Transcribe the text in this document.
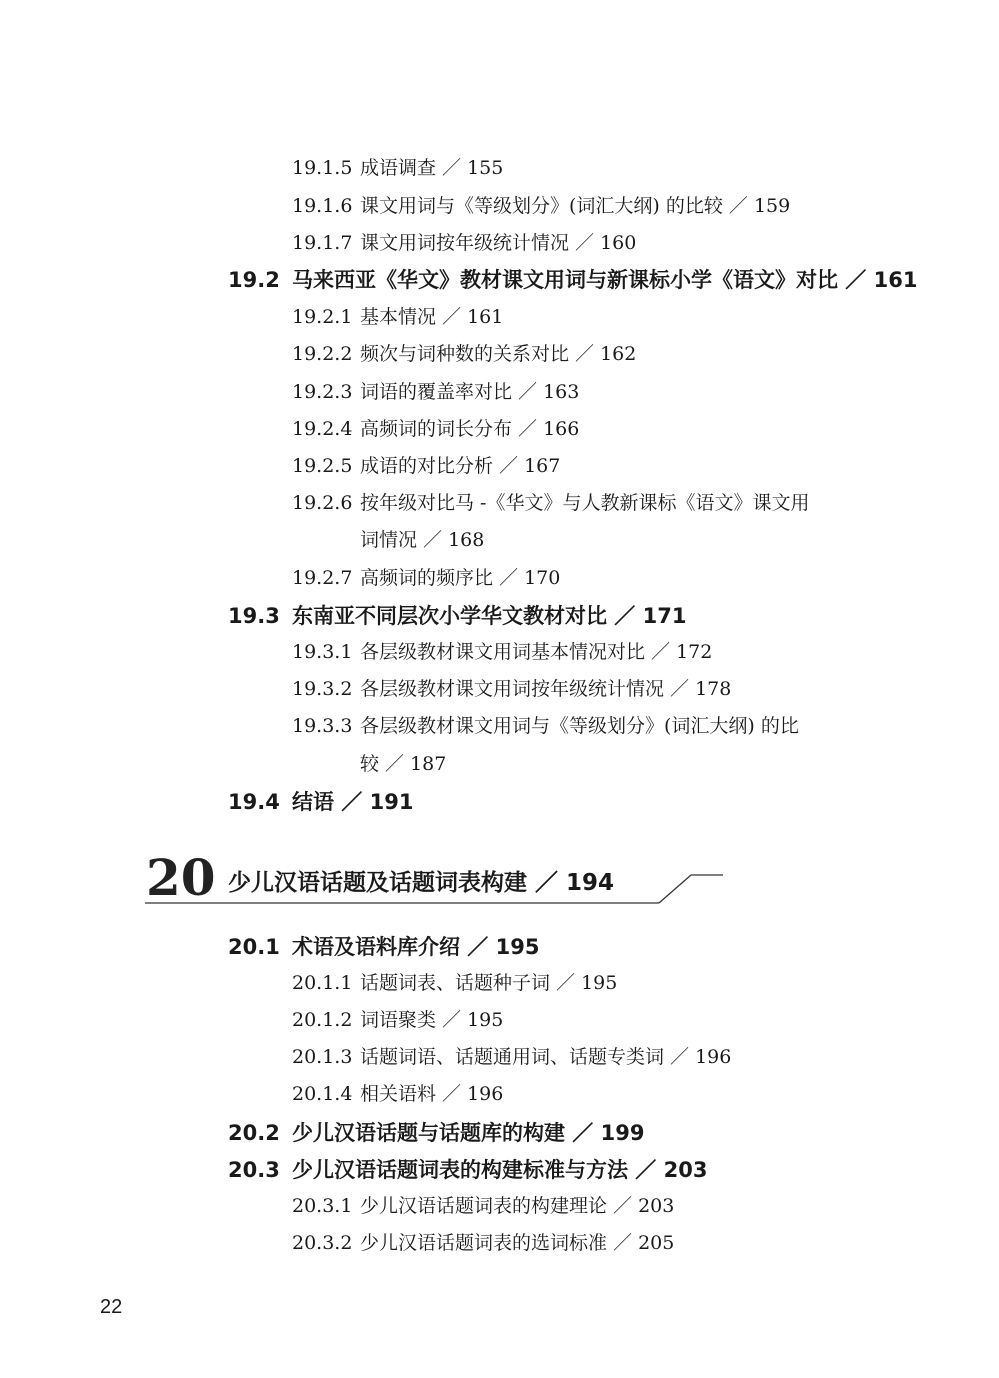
19.1.5 成语调查 ／ 155
19.1.6 课文用词与《等级划分》(词汇大纲) 的比较 ／ 159
19.1.7 课文用词按年级统计情况 ／ 160
19.2 马来西亚《华文》教材课文用词与新课标小学《语文》对比 ／ 161
19.2.1 基本情况 ／ 161
19.2.2 频次与词种数的关系对比 ／ 162
19.2.3 词语的覆盖率对比 ／ 163
19.2.4 高频词的词长分布 ／ 166
19.2.5 成语的对比分析 ／ 167
19.2.6 按年级对比马 -《华文》与人教新课标《语文》课文用
词情况 ／ 168
19.2.7 高频词的频序比 ／ 170
19.3 东南亚不同层次小学华文教材对比 ／ 171
19.3.1 各层级教材课文用词基本情况对比 ／ 172
19.3.2 各层级教材课文用词按年级统计情况 ／ 178
19.3.3 各层级教材课文用词与《等级划分》(词汇大纲) 的比
较 ／ 187
19.4 结语 ／ 191
20 少儿汉语话题及话题词表构建 ／ 194
20.1 术语及语料库介绍 ／ 195
20.1.1 话题词表、话题种子词 ／ 195
20.1.2 词语聚类 ／ 195
20.1.3 话题词语、话题通用词、话题专类词 ／ 196
20.1.4 相关语料 ／ 196
20.2 少儿汉语话题与话题库的构建 ／ 199
20.3 少儿汉语话题词表的构建标准与方法 ／ 203
20.3.1 少儿汉语话题词表的构建理论 ／ 203
20.3.2 少儿汉语话题词表的选词标准 ／ 205
22
